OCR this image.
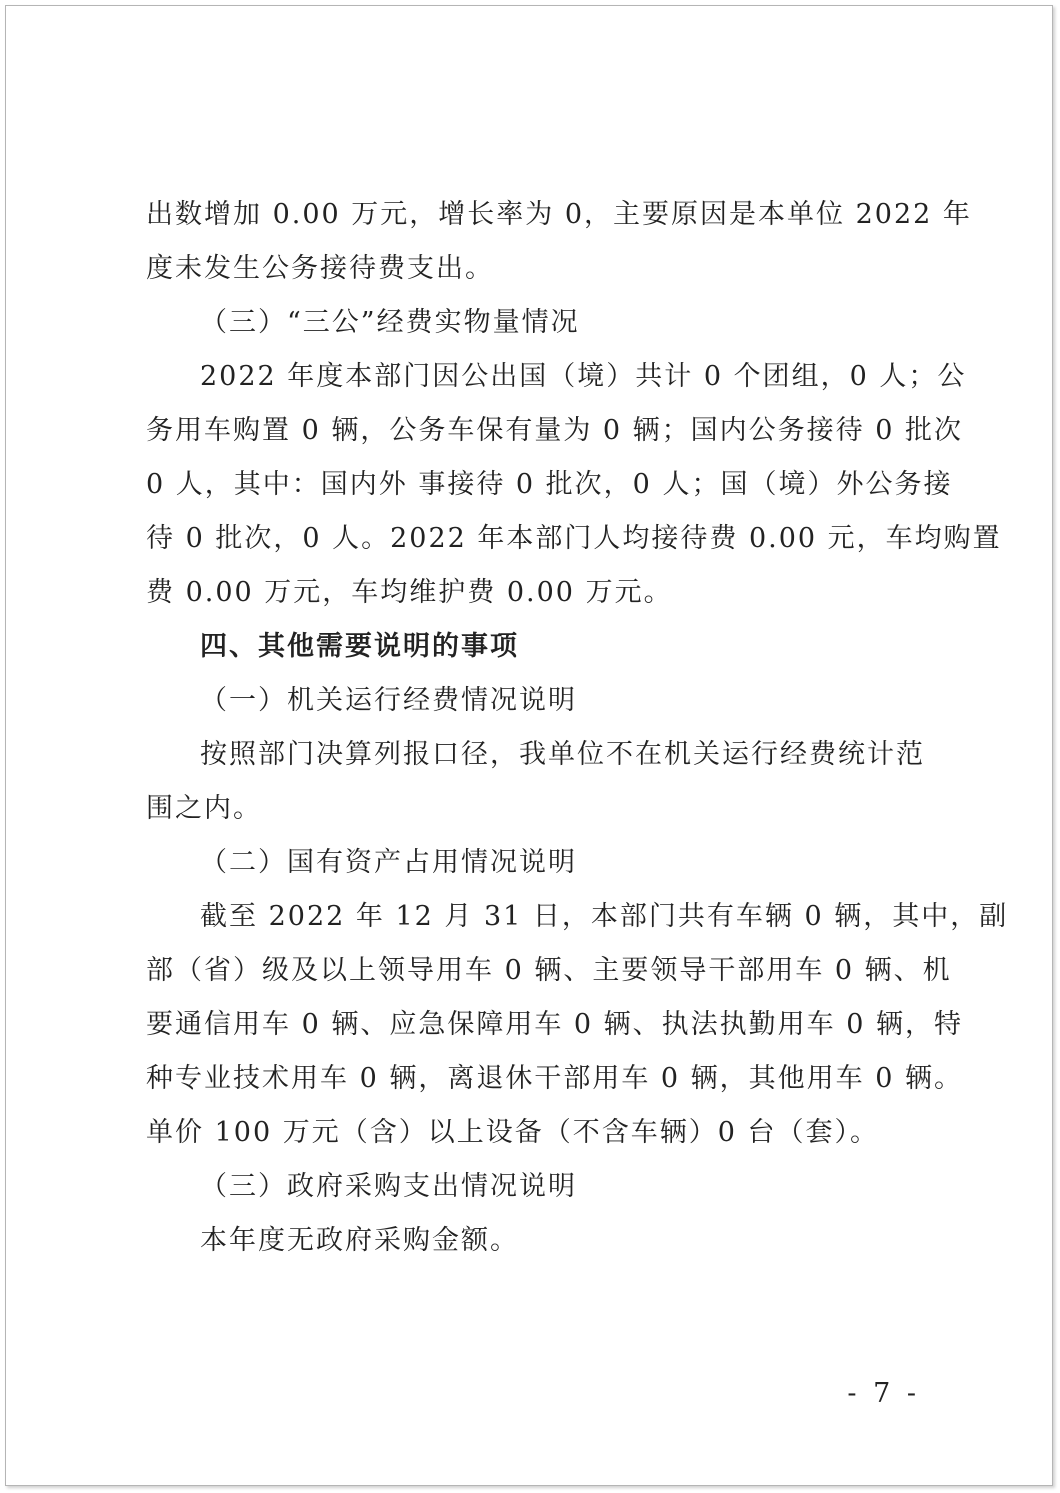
出数增加 0.00 万元，增长率为 0，主要原因是本单位 2022 年

度未发生公务接待费支出。

（三）“三公”经费实物量情况

2022 年度本部门因公出国（境）共计 0 个团组，0 人；公

务用车购置 0 辆，公务车保有量为 0 辆；国内公务接待 0 批次

0 人，其中：国内外 事接待 0 批次，0 人；国（境）外公务接

待 0 批次，0 人。2022 年本部门人均接待费 0.00 元，车均购置

费 0.00 万元，车均维护费 0.00 万元。

四、其他需要说明的事项

（一）机关运行经费情况说明

按照部门决算列报口径，我单位不在机关运行经费统计范

围之内。

（二）国有资产占用情况说明

截至 2022 年 12 月 31 日，本部门共有车辆 0 辆，其中，副

部（省）级及以上领导用车 0 辆、主要领导干部用车 0 辆、机

要通信用车 0 辆、应急保障用车 0 辆、执法执勤用车 0 辆，特

种专业技术用车 0 辆，离退休干部用车 0 辆，其他用车 0 辆。

单价 100 万元（含）以上设备（不含车辆）0 台（套）。

（三）政府采购支出情况说明

本年度无政府采购金额。

- 7 -
